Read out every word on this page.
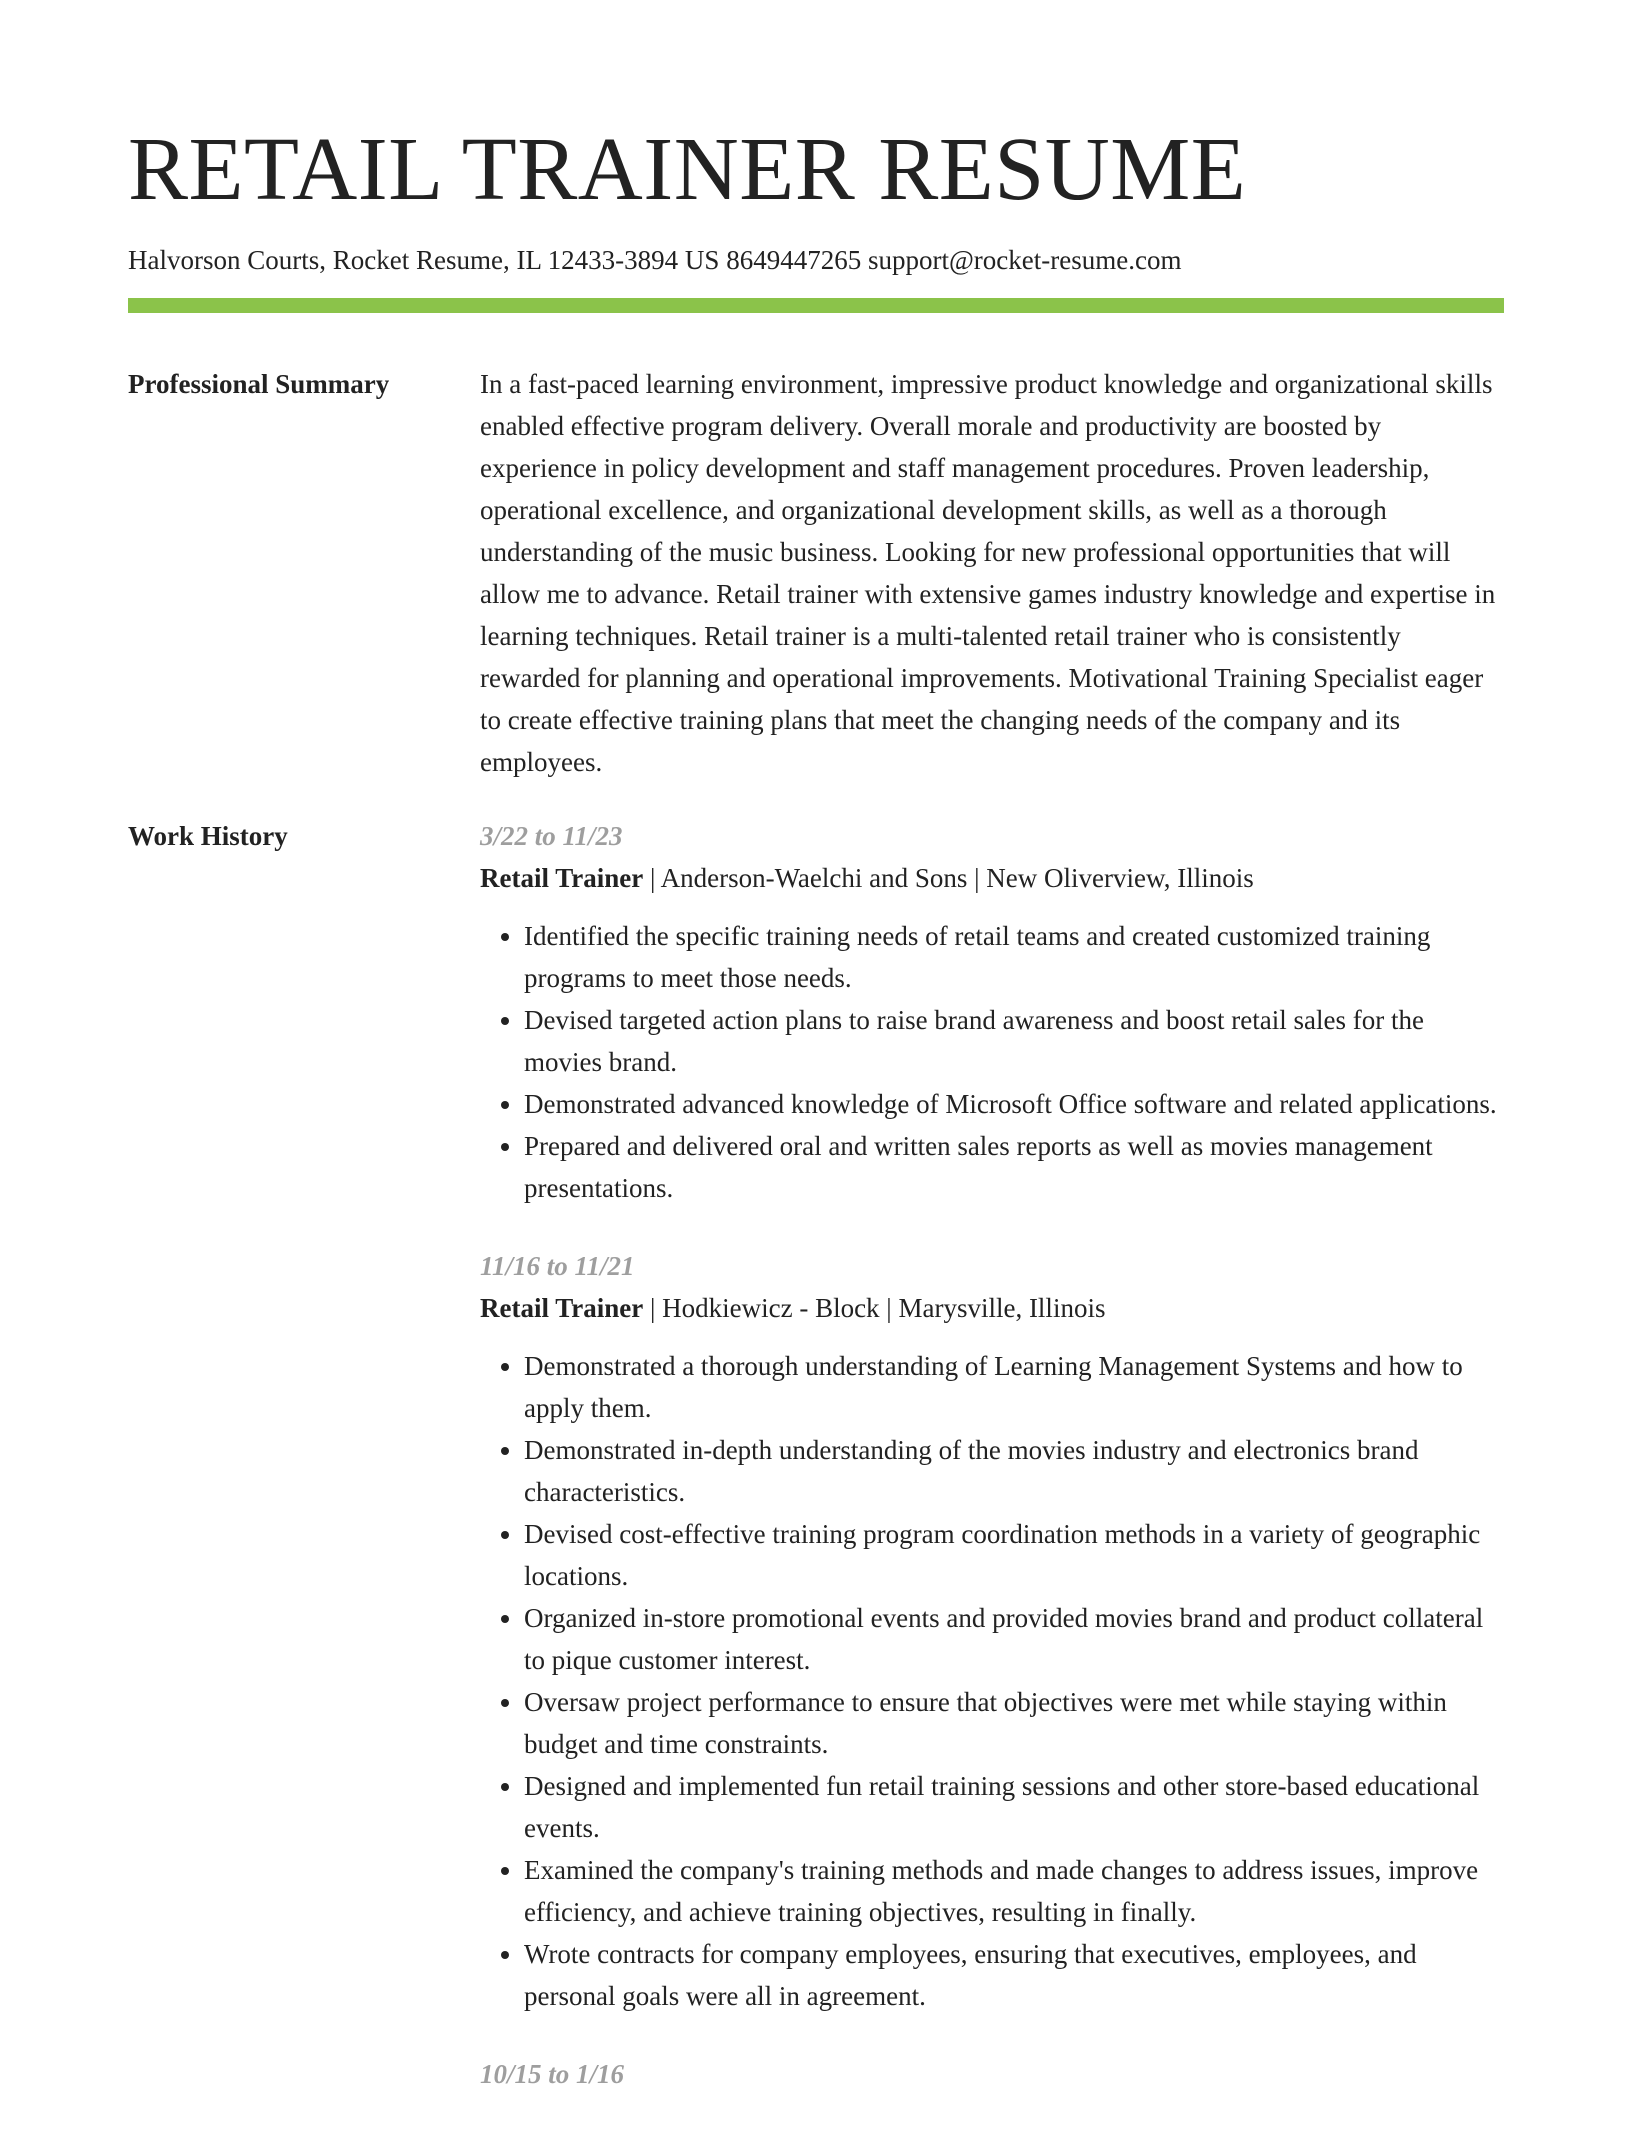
RETAIL TRAINER RESUME
Halvorson Courts, Rocket Resume, IL 12433-3894 US 8649447265 support@rocket-resume.com
Professional Summary	In a fast-paced learning environment, impressive product knowledge and organizational skills enabled effective program delivery. Overall morale and productivity are boosted by experience in policy development and staff management procedures. Proven leadership, operational excellence, and organizational development skills, as well as a thorough understanding of the music business. Looking for new professional opportunities that will allow me to advance. Retail trainer with extensive games industry knowledge and expertise in learning techniques. Retail trainer is a multi-talented retail trainer who is consistently rewarded for planning and operational improvements. Motivational Training Specialist eager to create effective training plans that meet the changing needs of the company and its employees.

Work History	3/22 to 11/23
Retail Trainer | Anderson-Waelchi and Sons | New Oliverview, Illinois
• Identified the specific training needs of retail teams and created customized training programs to meet those needs.
• Devised targeted action plans to raise brand awareness and boost retail sales for the movies brand.
• Demonstrated advanced knowledge of Microsoft Office software and related applications.
• Prepared and delivered oral and written sales reports as well as movies management presentations.
11/16 to 11/21
Retail Trainer | Hodkiewicz - Block | Marysville, Illinois
• Demonstrated a thorough understanding of Learning Management Systems and how to apply them.
• Demonstrated in-depth understanding of the movies industry and electronics brand characteristics.
• Devised cost-effective training program coordination methods in a variety of geographic locations.
• Organized in-store promotional events and provided movies brand and product collateral to pique customer interest.
• Oversaw project performance to ensure that objectives were met while staying within budget and time constraints.
• Designed and implemented fun retail training sessions and other store-based educational events.
• Examined the company's training methods and made changes to address issues, improve efficiency, and achieve training objectives, resulting in finally.
• Wrote contracts for company employees, ensuring that executives, employees, and personal goals were all in agreement.
10/15 to 1/16
